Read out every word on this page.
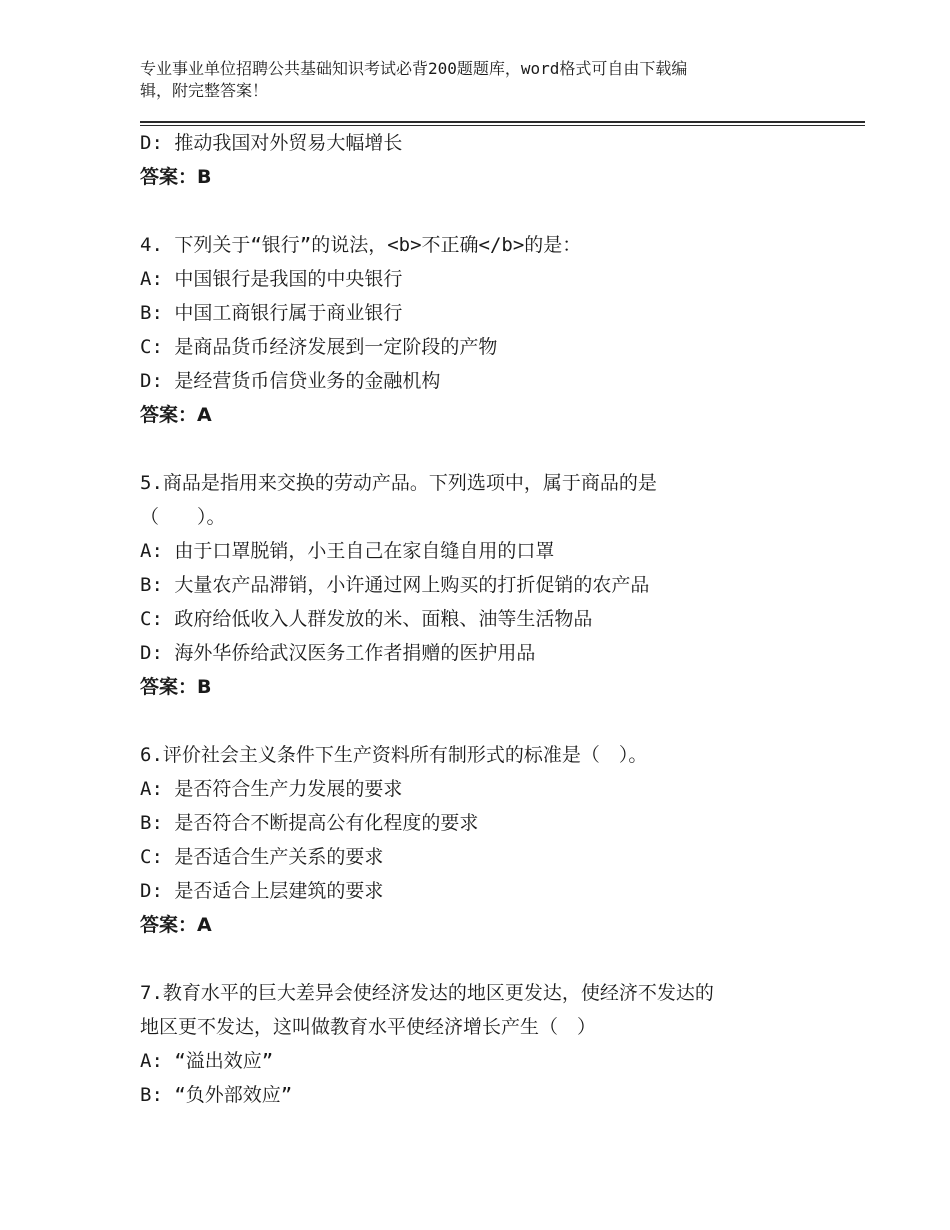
专业事业单位招聘公共基础知识考试必背200题题库，word格式可自由下载编
辑，附完整答案！
D: 推动我国对外贸易大幅增长
答案：B
4. 下列关于“银行”的说法，<b>不正确</b>的是：
A: 中国银行是我国的中央银行
B: 中国工商银行属于商业银行
C: 是商品货币经济发展到一定阶段的产物
D: 是经营货币信贷业务的金融机构
答案：A
5.商品是指用来交换的劳动产品。下列选项中，属于商品的是
（　　）。
A: 由于口罩脱销，小王自己在家自缝自用的口罩
B: 大量农产品滞销，小许通过网上购买的打折促销的农产品
C: 政府给低收入人群发放的米、面粮、油等生活物品
D: 海外华侨给武汉医务工作者捐赠的医护用品
答案：B
6.评价社会主义条件下生产资料所有制形式的标准是（　）。
A: 是否符合生产力发展的要求
B: 是否符合不断提高公有化程度的要求
C: 是否适合生产关系的要求
D: 是否适合上层建筑的要求
答案：A
7.教育水平的巨大差异会使经济发达的地区更发达，使经济不发达的
地区更不发达，这叫做教育水平使经济增长产生（　）
A: “溢出效应”
B: “负外部效应”
